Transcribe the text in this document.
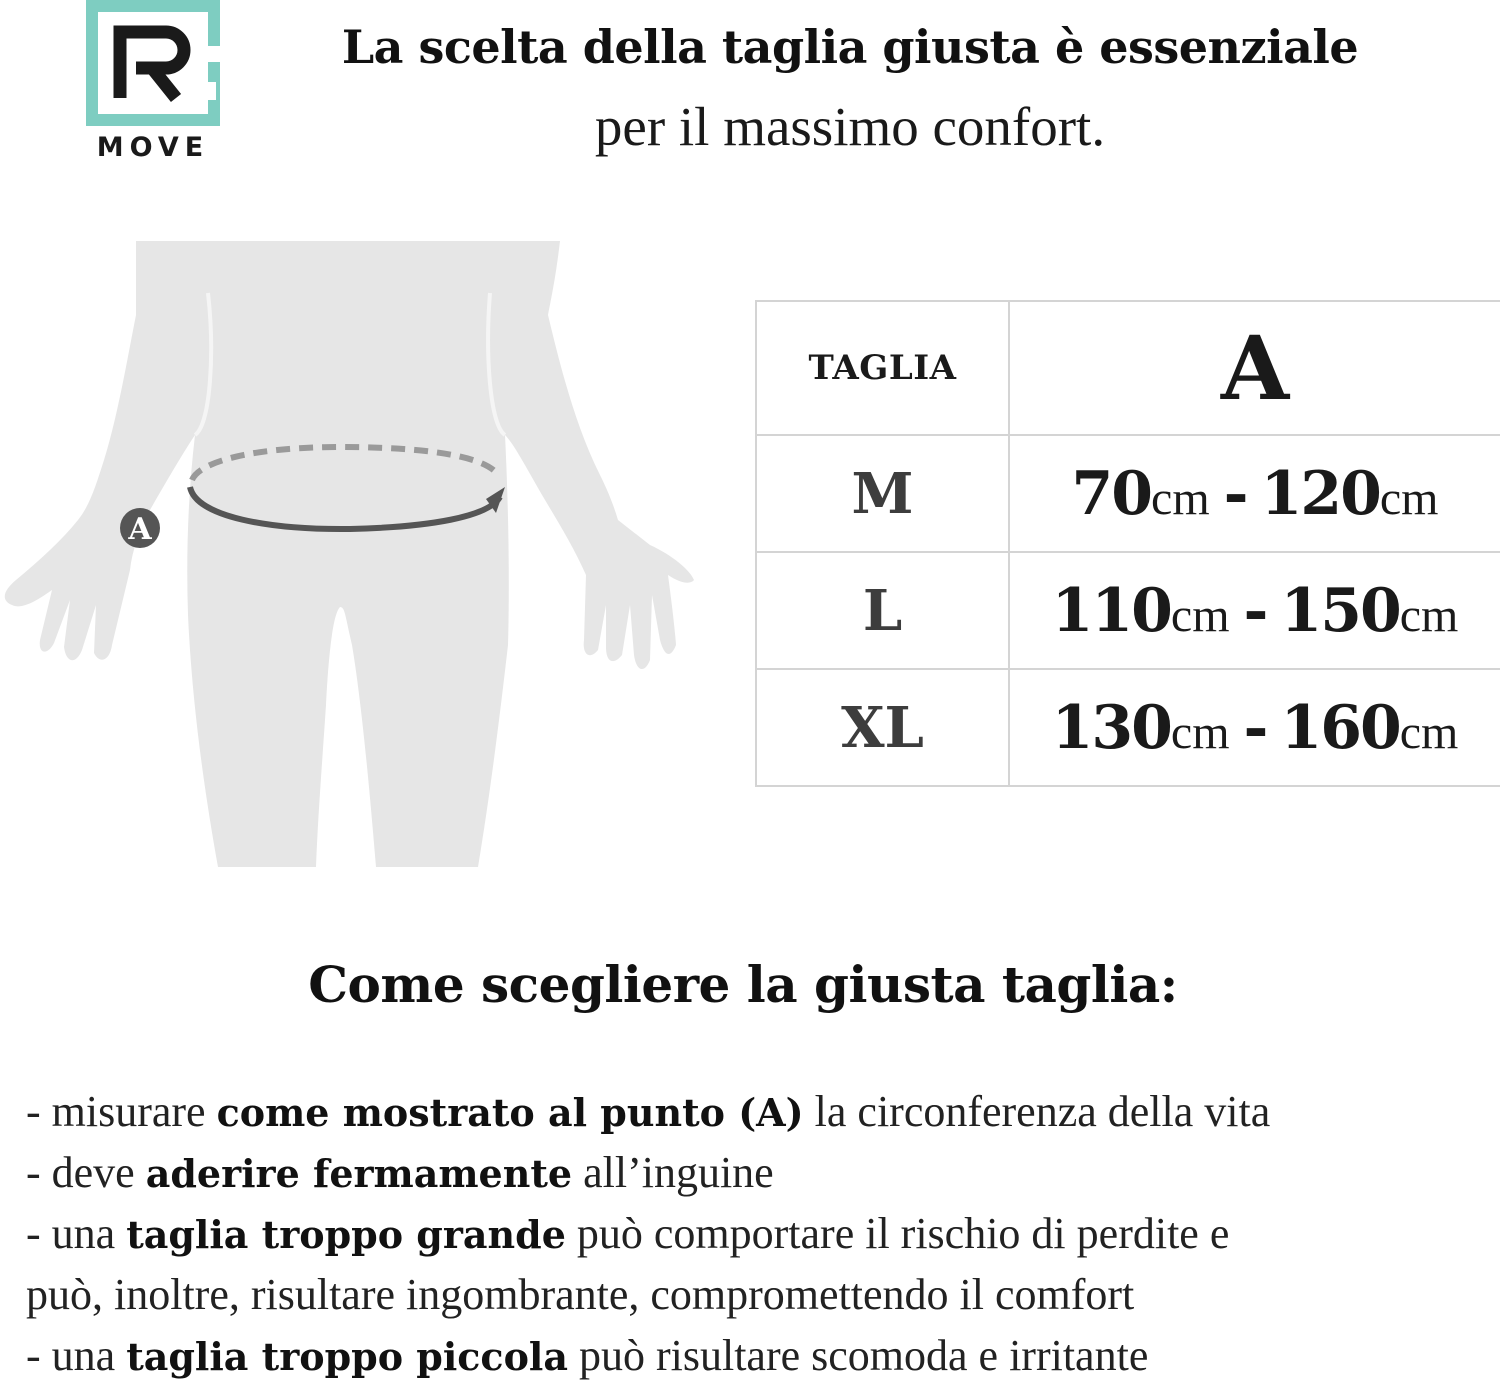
MOVE
La scelta della taglia giusta è essenziale
per il massimo confort.
A
TAGLIA	A
M	70cm - 120cm
L	110cm - 150cm
XL	130cm - 160cm
Come scegliere la giusta taglia:

- misurare come mostrato al punto (A) la circonferenza della vita

- deve aderire fermamente all’inguine

- una taglia troppo grande può comportare il rischio di perdite e

può, inoltre, risultare ingombrante, compromettendo il comfort

- una taglia troppo piccola può risultare scomoda e irritante
